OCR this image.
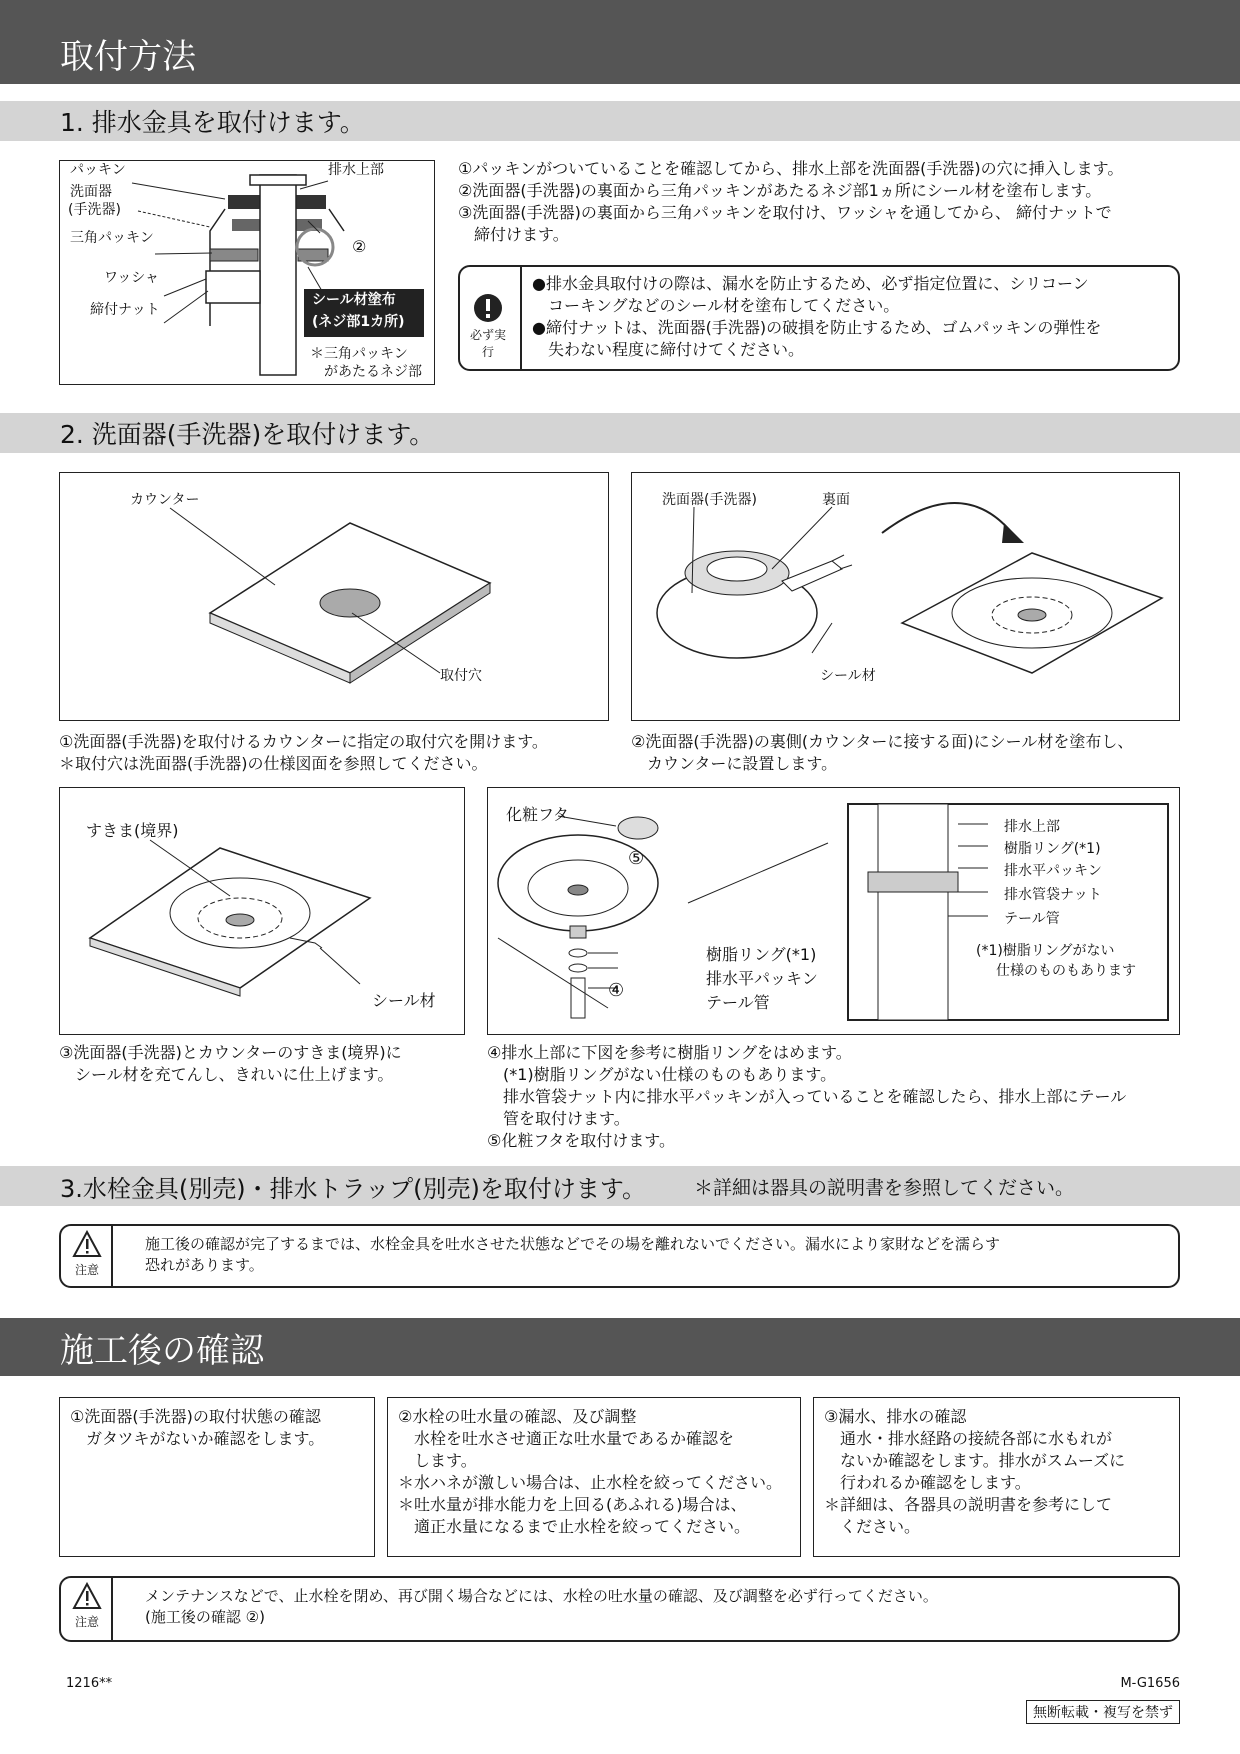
取付方法
1. 排水金具を取付けます。
パッキン
洗面器
(手洗器)
三角パッキン
ワッシャ
締付ナット
排水上部
②
シール材塗布
(ネジ部1カ所)
＊三角パッキン
があたるネジ部
①パッキンがついていることを確認してから、排水上部を洗面器(手洗器)の穴に挿入します。
②洗面器(手洗器)の裏面から三角パッキンがあたるネジ部1ヵ所にシール材を塗布します。
③洗面器(手洗器)の裏面から三角パッキンを取付け、ワッシャを通してから、 締付ナットで
　締付けます。
必ず実行
●排水金具取付けの際は、漏水を防止するため、必ず指定位置に、シリコーン
　コーキングなどのシール材を塗布してください。
●締付ナットは、洗面器(手洗器)の破損を防止するため、ゴムパッキンの弾性を
　失わない程度に締付けてください。
2. 洗面器(手洗器)を取付けます。
カウンター
取付穴
洗面器(手洗器)	裏面
シール材
①洗面器(手洗器)を取付けるカウンターに指定の取付穴を開けます。
＊取付穴は洗面器(手洗器)の仕様図面を参照してください。
②洗面器(手洗器)の裏側(カウンターに接する面)にシール材を塗布し、
　カウンターに設置します。
すきま(境界)
シール材
化粧フタ
⑤
④
樹脂リング(*1)
排水平パッキン
テール管
排水上部
樹脂リング(*1)
排水平パッキン
排水管袋ナット
テール管
(*1)樹脂リングがない
仕様のものもあります
③洗面器(手洗器)とカウンターのすきま(境界)に
　シール材を充てんし、きれいに仕上げます。
④排水上部に下図を参考に樹脂リングをはめます。
　(*1)樹脂リングがない仕様のものもあります。
　排水管袋ナット内に排水平パッキンが入っていることを確認したら、排水上部にテール
　管を取付けます。
⑤化粧フタを取付けます。
3.水栓金具(別売)・排水トラップ(別売)を取付けます。	＊詳細は器具の説明書を参照してください。
注意
施工後の確認が完了するまでは、水栓金具を吐水させた状態などでその場を離れないでください。漏水により家財などを濡らす
恐れがあります。
施工後の確認
①洗面器(手洗器)の取付状態の確認
　ガタツキがないか確認をします。
②水栓の吐水量の確認、及び調整
　水栓を吐水させ適正な吐水量であるか確認を
　します。
＊水ハネが激しい場合は、止水栓を絞ってください。
＊吐水量が排水能力を上回る(あふれる)場合は、
　適正水量になるまで止水栓を絞ってください。
③漏水、排水の確認
　通水・排水経路の接続各部に水もれが
　ないか確認をします。排水がスムーズに
　行われるか確認をします。
＊詳細は、各器具の説明書を参考にして
　ください。
注意
メンテナンスなどで、止水栓を閉め、再び開く場合などには、水栓の吐水量の確認、及び調整を必ず行ってください。
(施工後の確認 ②)
1216**	M-G1656
無断転載・複写を禁ず
